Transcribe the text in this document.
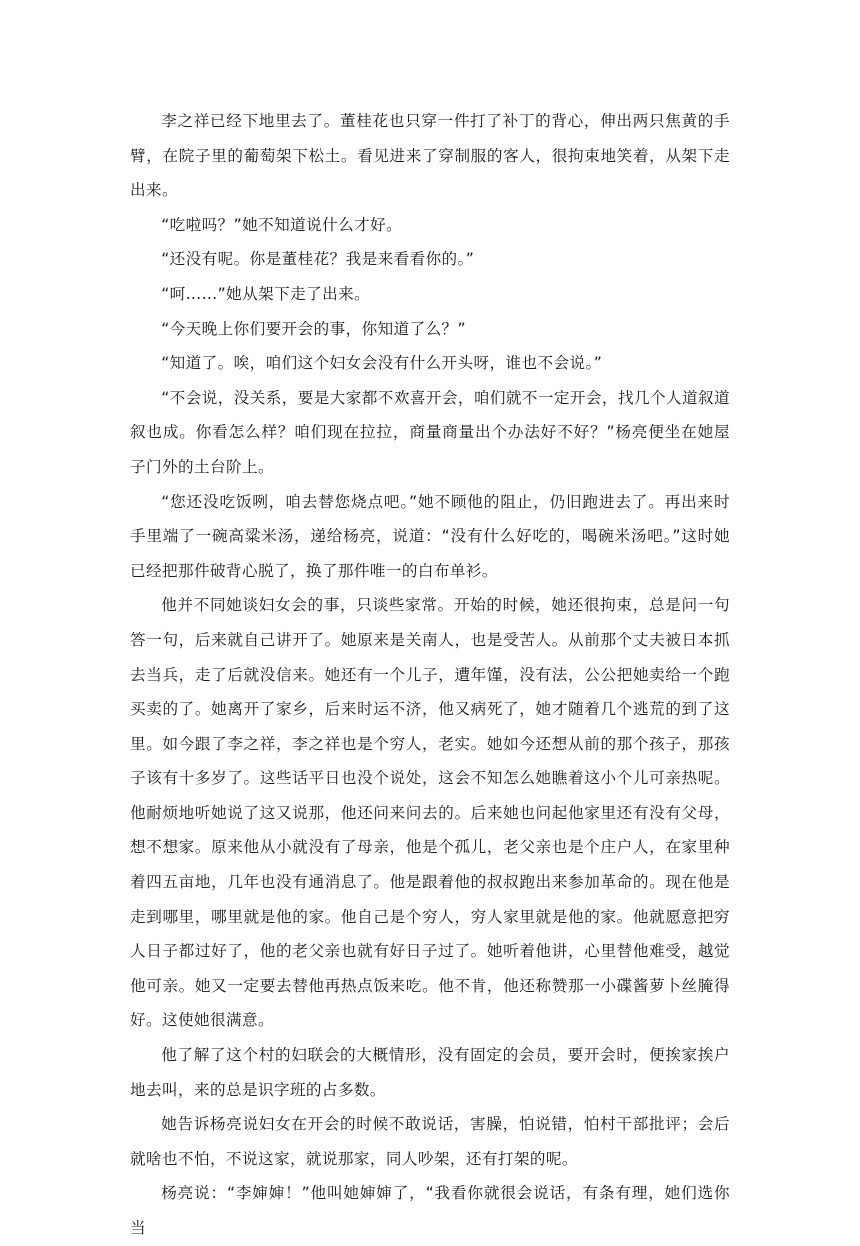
李之祥已经下地里去了。董桂花也只穿一件打了补丁的背心，伸出两只焦黄的手臂，在院子里的葡萄架下松土。看见进来了穿制服的客人，很拘束地笑着，从架下走出来。

“吃啦吗？”她不知道说什么才好。

“还没有呢。你是董桂花？我是来看看你的。”

“呵……”她从架下走了出来。

“今天晚上你们要开会的事，你知道了么？”

“知道了。唉，咱们这个妇女会没有什么开头呀，谁也不会说。”

“不会说，没关系，要是大家都不欢喜开会，咱们就不一定开会，找几个人道叙道叙也成。你看怎么样？咱们现在拉拉，商量商量出个办法好不好？”杨亮便坐在她屋子门外的土台阶上。

“您还没吃饭咧，咱去替您烧点吧。”她不顾他的阻止，仍旧跑进去了。再出来时手里端了一碗高粱米汤，递给杨亮，说道：“没有什么好吃的，喝碗米汤吧。”这时她已经把那件破背心脱了，换了那件唯一的白布单衫。

他并不同她谈妇女会的事，只谈些家常。开始的时候，她还很拘束，总是问一句答一句，后来就自己讲开了。她原来是关南人，也是受苦人。从前那个丈夫被日本抓去当兵，走了后就没信来。她还有一个儿子，遭年馑，没有法，公公把她卖给一个跑买卖的了。她离开了家乡，后来时运不济，他又病死了，她才随着几个逃荒的到了这里。如今跟了李之祥，李之祥也是个穷人，老实。她如今还想从前的那个孩子，那孩子该有十多岁了。这些话平日也没个说处，这会不知怎么她瞧着这小个儿可亲热呢。他耐烦地听她说了这又说那，他还问来问去的。后来她也问起他家里还有没有父母，想不想家。原来他从小就没有了母亲，他是个孤儿，老父亲也是个庄户人，在家里种着四五亩地，几年也没有通消息了。他是跟着他的叔叔跑出来参加革命的。现在他是走到哪里，哪里就是他的家。他自己是个穷人，穷人家里就是他的家。他就愿意把穷人日子都过好了，他的老父亲也就有好日子过了。她听着他讲，心里替他难受，越觉他可亲。她又一定要去替他再热点饭来吃。他不肯，他还称赞那一小碟酱萝卜丝腌得好。这使她很满意。

他了解了这个村的妇联会的大概情形，没有固定的会员，要开会时，便挨家挨户地去叫，来的总是识字班的占多数。

她告诉杨亮说妇女在开会的时候不敢说话，害臊，怕说错，怕村干部批评；会后就啥也不怕，不说这家，就说那家，同人吵架，还有打架的呢。

杨亮说：“李婶婶！”他叫她婶婶了，“我看你就很会说话，有条有理，她们选你当
